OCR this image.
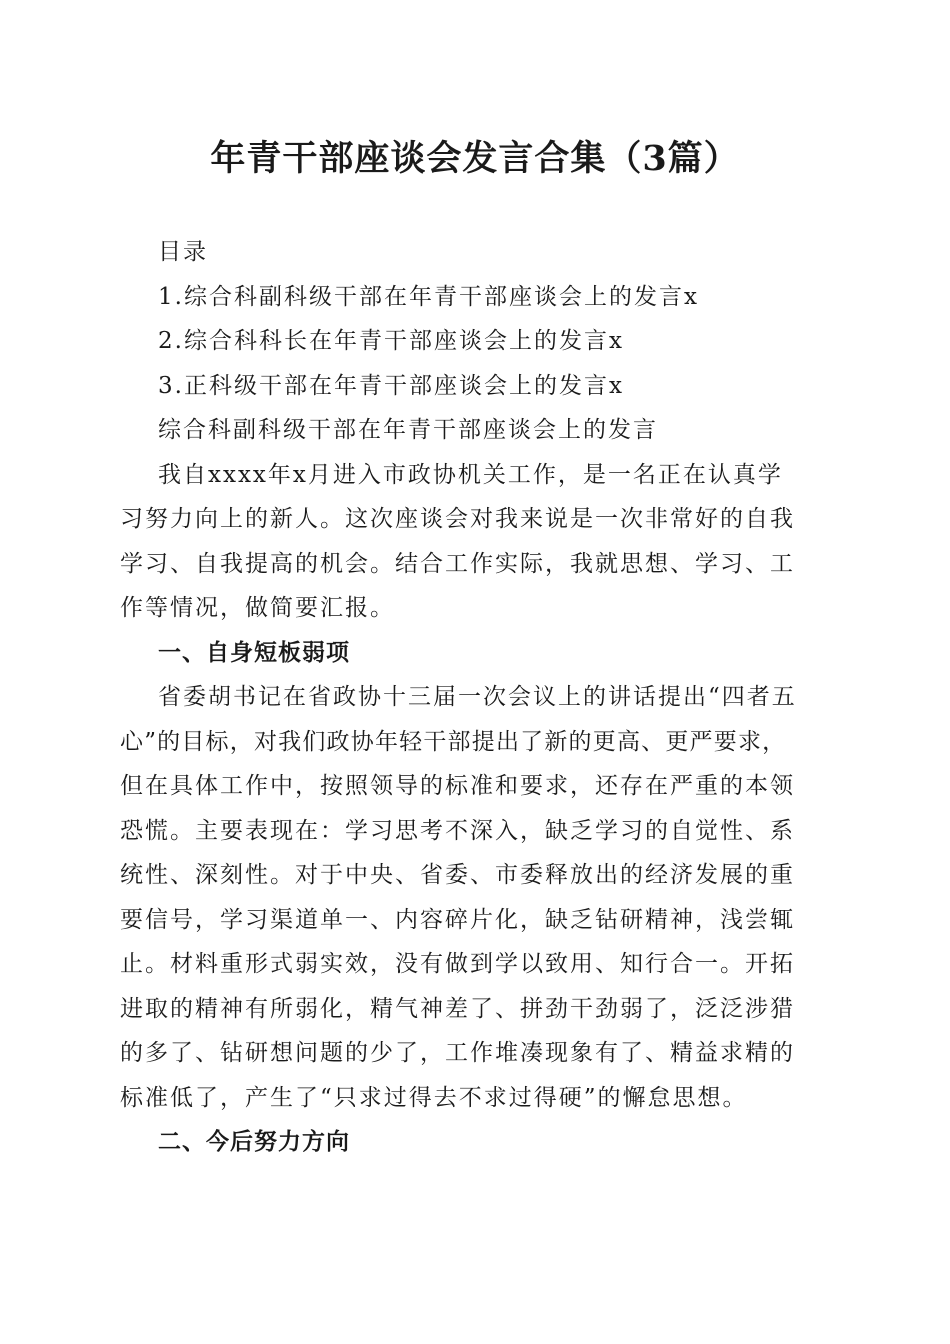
年青干部座谈会发言合集（3篇）

目录

1.综合科副科级干部在年青干部座谈会上的发言x

2.综合科科长在年青干部座谈会上的发言x

3.正科级干部在年青干部座谈会上的发言x

综合科副科级干部在年青干部座谈会上的发言

我自xxxx年x月进入市政协机关工作，是一名正在认真学

习努力向上的新人。这次座谈会对我来说是一次非常好的自我

学习、自我提高的机会。结合工作实际，我就思想、学习、工

作等情况，做简要汇报。

一、自身短板弱项

省委胡书记在省政协十三届一次会议上的讲话提出“四者五

心”的目标，对我们政协年轻干部提出了新的更高、更严要求，

但在具体工作中，按照领导的标准和要求，还存在严重的本领

恐慌。主要表现在：学习思考不深入，缺乏学习的自觉性、系

统性、深刻性。对于中央、省委、市委释放出的经济发展的重

要信号，学习渠道单一、内容碎片化，缺乏钻研精神，浅尝辄

止。材料重形式弱实效，没有做到学以致用、知行合一。开拓

进取的精神有所弱化，精气神差了、拼劲干劲弱了，泛泛涉猎

的多了、钻研想问题的少了，工作堆凑现象有了、精益求精的

标准低了，产生了“只求过得去不求过得硬”的懈怠思想。

二、今后努力方向
